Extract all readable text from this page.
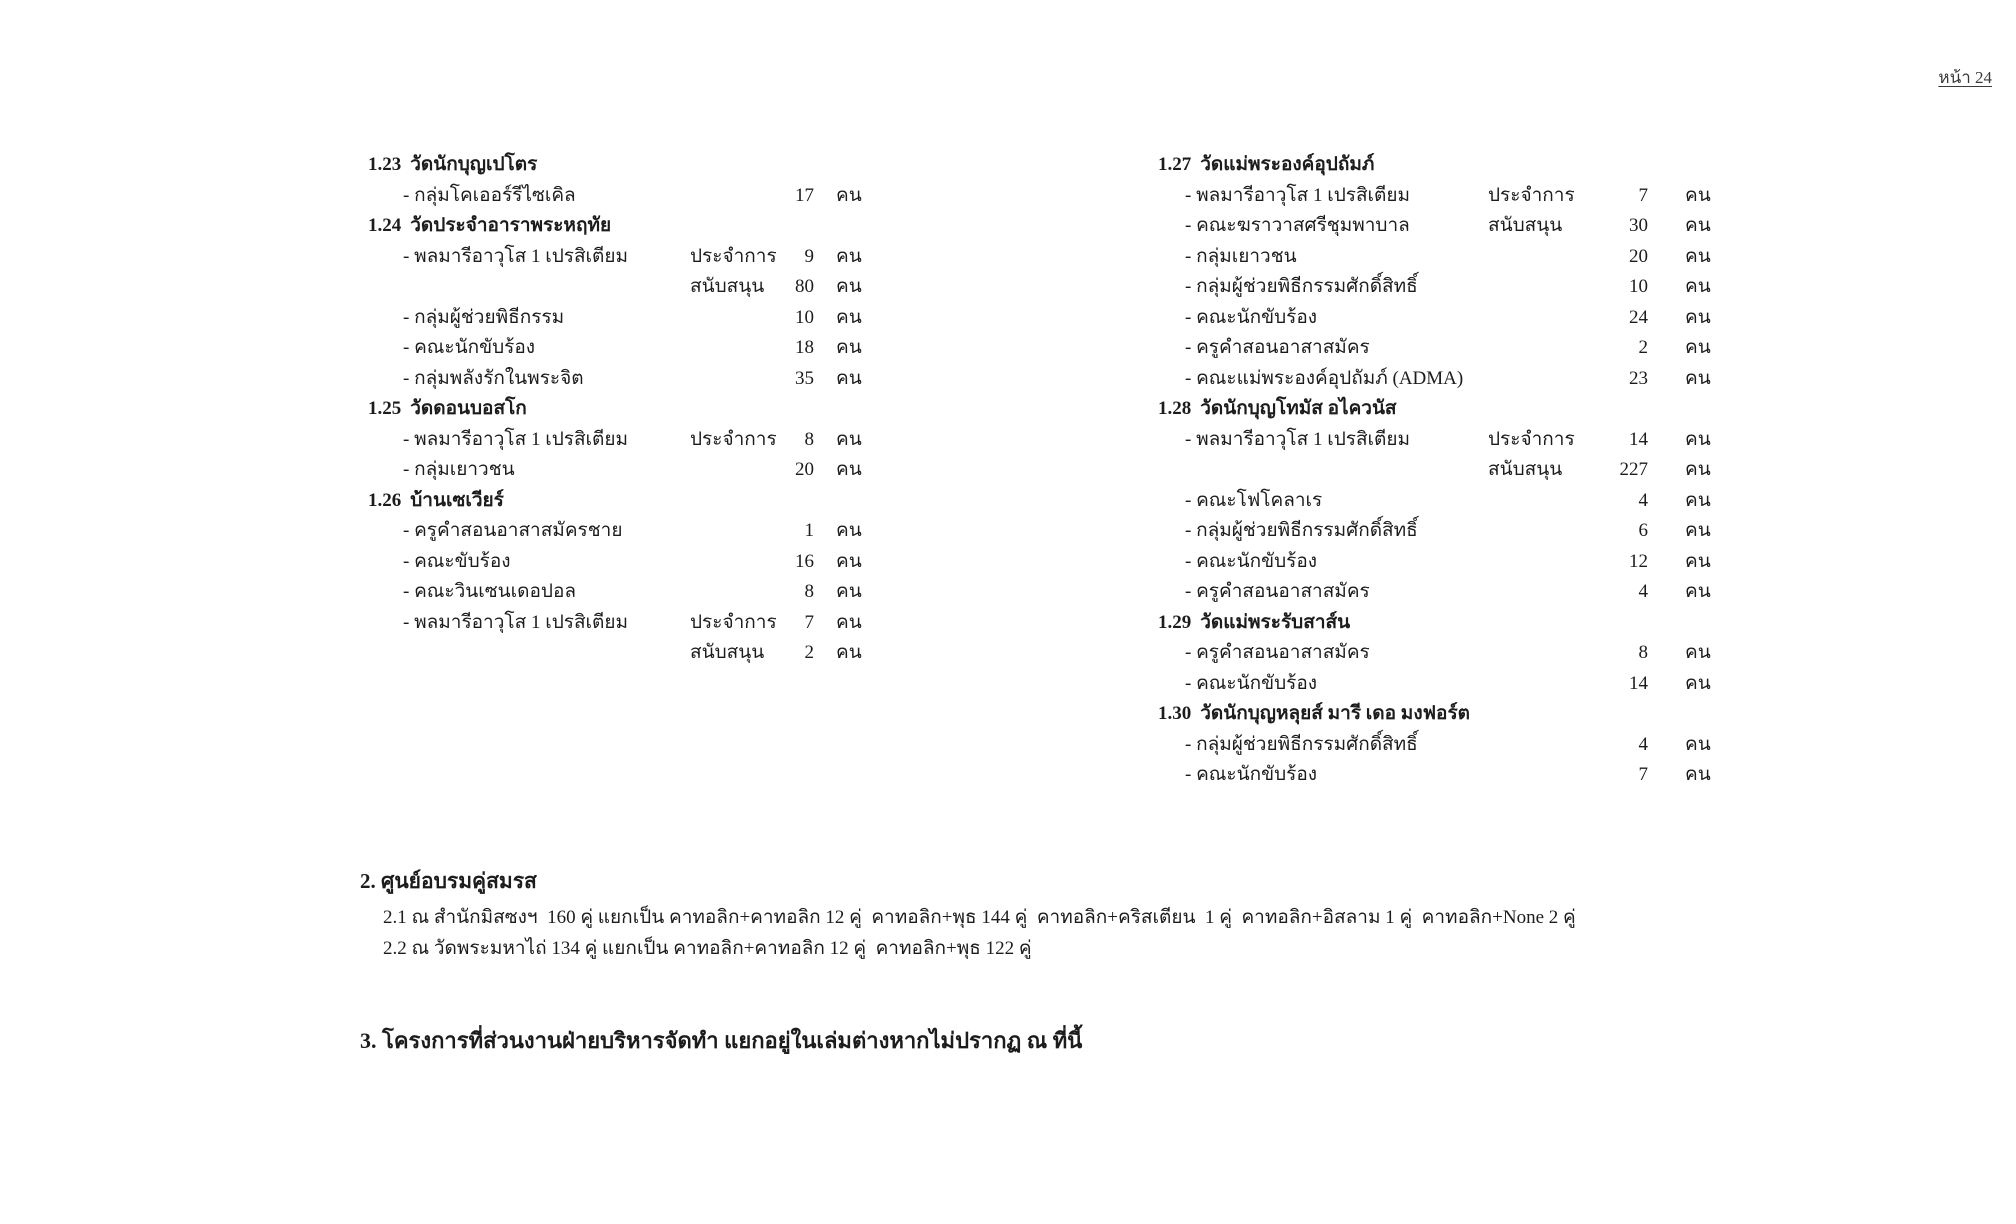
หน้า 24
1.23 วัดนักบุญเปโตร
- กลุ่มโคเออร์รีไซเคิล	17	คน
1.24 วัดประจำอาราพระหฤทัย
- พลมารีอาวุโส 1 เปรสิเตียม	ประจำการ	9	คน
สนับสนุน	80	คน
- กลุ่มผู้ช่วยพิธีกรรม	10	คน
- คณะนักขับร้อง	18	คน
- กลุ่มพลังรักในพระจิต	35	คน
1.25 วัดดอนบอสโก
- พลมารีอาวุโส 1 เปรสิเตียม	ประจำการ	8	คน
- กลุ่มเยาวชน	20	คน
1.26 บ้านเซเวียร์
- ครูคำสอนอาสาสมัครชาย	1	คน
- คณะขับร้อง	16	คน
- คณะวินเซนเดอปอล	8	คน
- พลมารีอาวุโส 1 เปรสิเตียม	ประจำการ	7	คน
สนับสนุน	2	คน
1.27 วัดแม่พระองค์อุปถัมภ์
- พลมารีอาวุโส 1 เปรสิเตียม	ประจำการ	7	คน
- คณะฆราวาสศรีชุมพาบาล	สนับสนุน	30	คน
- กลุ่มเยาวชน	20	คน
- กลุ่มผู้ช่วยพิธีกรรมศักดิ์สิทธิ์	10	คน
- คณะนักขับร้อง	24	คน
- ครูคำสอนอาสาสมัคร	2	คน
- คณะแม่พระองค์อุปถัมภ์ (ADMA)	23	คน
1.28 วัดนักบุญโทมัส อไควนัส
- พลมารีอาวุโส 1 เปรสิเตียม	ประจำการ	14	คน
สนับสนุน	227	คน
- คณะโฟโคลาเร	4	คน
- กลุ่มผู้ช่วยพิธีกรรมศักดิ์สิทธิ์	6	คน
- คณะนักขับร้อง	12	คน
- ครูคำสอนอาสาสมัคร	4	คน
1.29 วัดแม่พระรับสาส์น
- ครูคำสอนอาสาสมัคร	8	คน
- คณะนักขับร้อง	14	คน
1.30 วัดนักบุญหลุยส์ มารี เดอ มงฟอร์ต
- กลุ่มผู้ช่วยพิธีกรรมศักดิ์สิทธิ์	4	คน
- คณะนักขับร้อง	7	คน
2. ศูนย์อบรมคู่สมรส
2.1 ณ สำนักมิสซงฯ  160 คู่ แยกเป็น คาทอลิก+คาทอลิก 12 คู่  คาทอลิก+พุธ 144 คู่  คาทอลิก+คริสเตียน  1 คู่  คาทอลิก+อิสลาม 1 คู่  คาทอลิก+None 2 คู่
2.2 ณ วัดพระมหาไถ่ 134 คู่ แยกเป็น คาทอลิก+คาทอลิก 12 คู่  คาทอลิก+พุธ 122 คู่
3. โครงการที่ส่วนงานฝ่ายบริหารจัดทำ แยกอยู่ในเล่มต่างหากไม่ปรากฏ ณ ที่นี้
